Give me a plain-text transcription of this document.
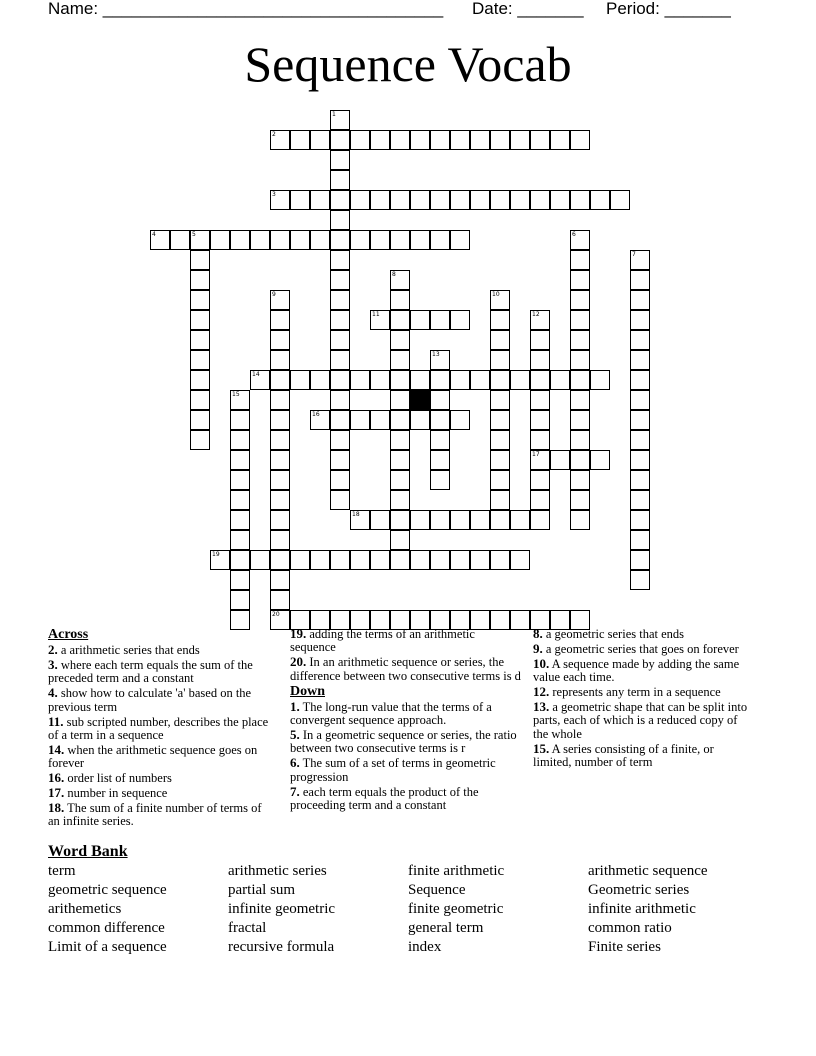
Name: ____________________________________ Date: _______ Period: _______
Sequence Vocab
1
2
3
4	5	6
7
8
9	10
11	12
17
13
14
15
16
18
19
20
Across
2. a arithmetic series that ends
3. where each term equals the sum of the preceded term and a constant
4. show how to calculate 'a' based on the previous term
11. sub scripted number, describes the place of a term in a sequence
14. when the arithmetic sequence goes on forever
16. order list of numbers
17. number in sequence
18. The sum of a finite number of terms of an infinite series.
19. adding the terms of an arithmetic sequence
20. In an arithmetic sequence or series, the difference between two consecutive terms is d
Down
1. The long-run value that the terms of a convergent sequence approach.
5. In a geometric sequence or series, the ratio between two consecutive terms is r
6. The sum of a set of terms in geometric progression
7. each term equals the product of the proceeding term and a constant
8. a geometric series that ends
9. a geometric series that goes on forever
10. A sequence made by adding the same value each time.
12. represents any term in a sequence
13. a geometric shape that can be split into parts, each of which is a reduced copy of the whole
15. A series consisting of a finite, or limited, number of term
Word Bank
term	arithmetic series	finite arithmetic	arithmetic sequence
geometric sequence	partial sum	Sequence	Geometric series
arithemetics	infinite geometric	finite geometric	infinite arithmetic
common difference	fractal	general term	common ratio
Limit of a sequence	recursive formula	index	Finite series
